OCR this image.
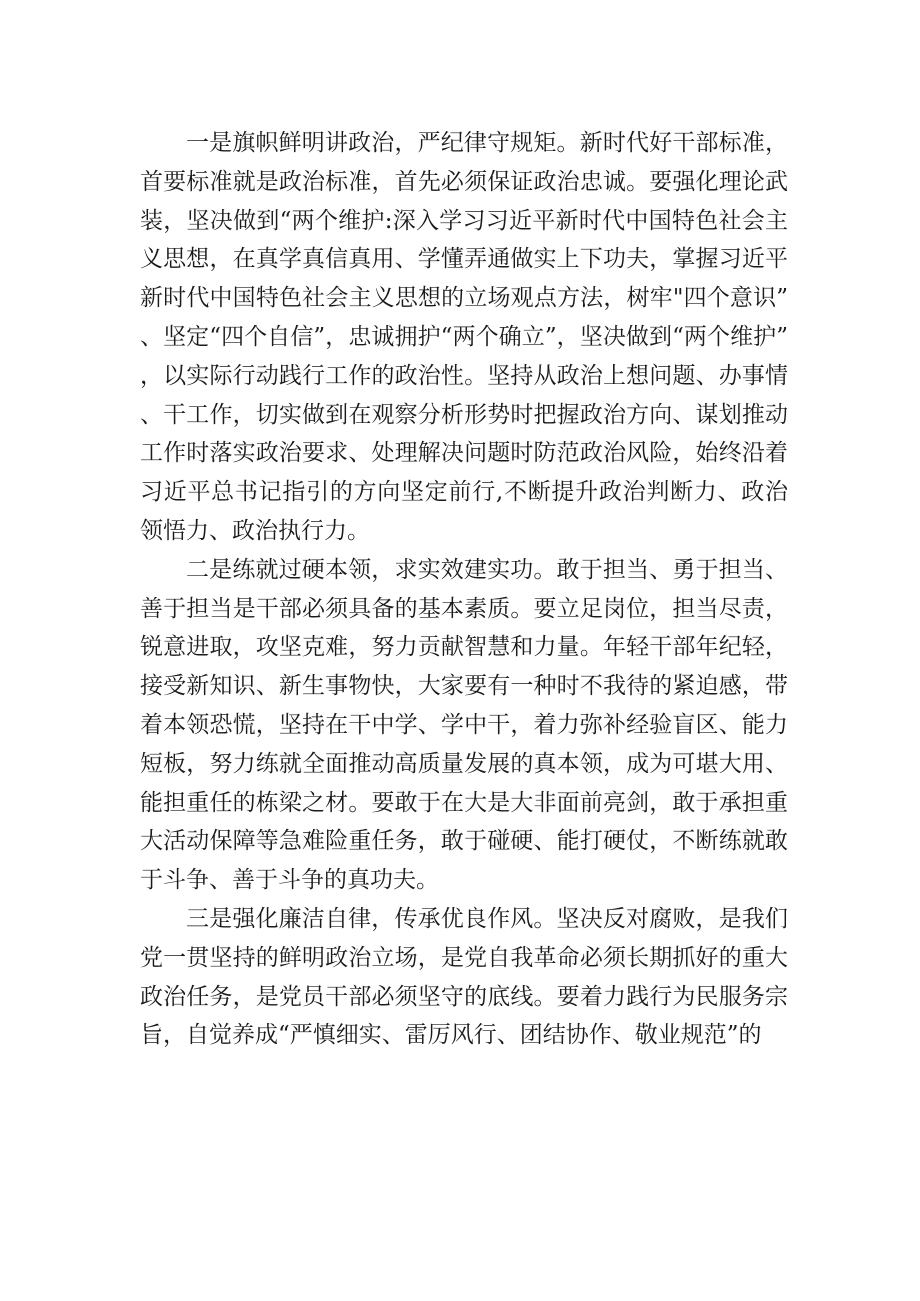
一是旗帜鲜明讲政治，严纪律守规矩。新时代好干部标准，首要标准就是政治标准，首先必须保证政治忠诚。要强化理论武装，坚决做到“两个维护:深入学习习近平新时代中国特色社会主义思想，在真学真信真用、学懂弄通做实上下功夫，掌握习近平新时代中国特色社会主义思想的立场观点方法，树牢"四个意识”、坚定“四个自信”，忠诚拥护“两个确立”，坚决做到“两个维护”，以实际行动践行工作的政治性。坚持从政治上想问题、办事情、干工作，切实做到在观察分析形势时把握政治方向、谋划推动工作时落实政治要求、处理解决问题时防范政治风险，始终沿着习近平总书记指引的方向坚定前行,不断提升政治判断力、政治领悟力、政治执行力。

二是练就过硬本领，求实效建实功。敢于担当、勇于担当、善于担当是干部必须具备的基本素质。要立足岗位，担当尽责，锐意进取，攻坚克难，努力贡献智慧和力量。年轻干部年纪轻，接受新知识、新生事物快，大家要有一种时不我待的紧迫感，带着本领恐慌，坚持在干中学、学中干，着力弥补经验盲区、能力短板，努力练就全面推动高质量发展的真本领，成为可堪大用、能担重任的栋梁之材。要敢于在大是大非面前亮剑，敢于承担重大活动保障等急难险重任务，敢于碰硬、能打硬仗，不断练就敢于斗争、善于斗争的真功夫。

三是强化廉洁自律，传承优良作风。坚决反对腐败，是我们党一贯坚持的鲜明政治立场，是党自我革命必须长期抓好的重大政治任务，是党员干部必须坚守的底线。要着力践行为民服务宗旨，自觉养成“严慎细实、雷厉风行、团结协作、敬业规范”的
